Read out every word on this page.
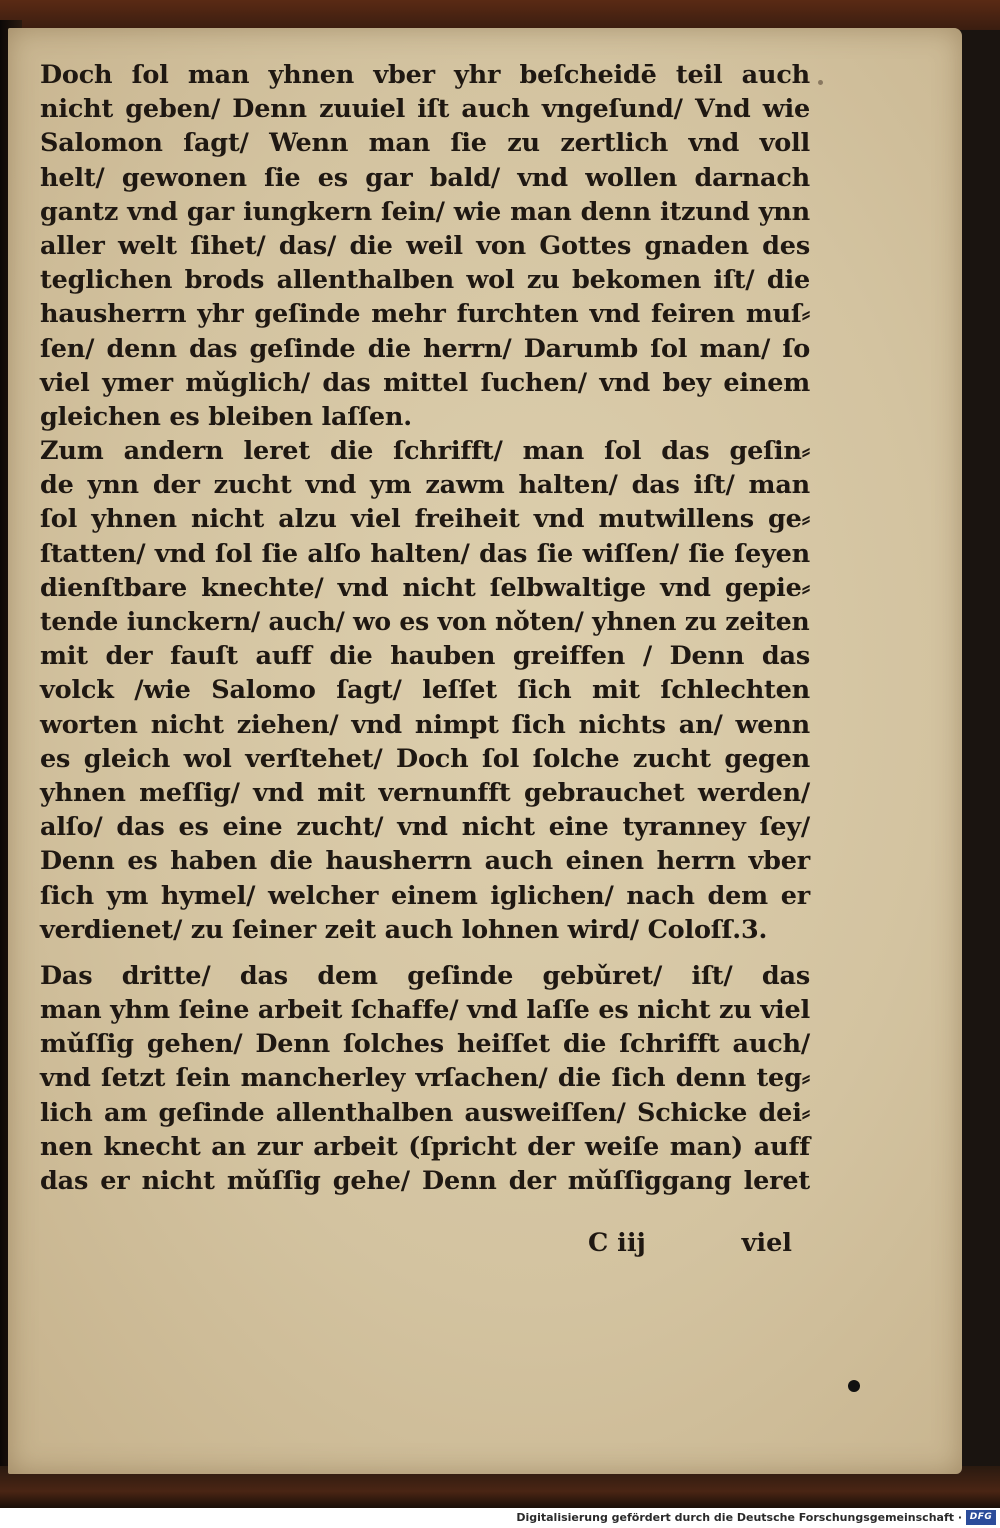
Doch ſol man yhnen vber yhr beſcheidē teil auch
nicht geben/ Denn zuuiel iſt auch vngeſund/ Vnd wie
Salomon ſagt/ Wenn man ſie zu zertlich vnd voll
helt/ gewonen ſie es gar bald/ vnd wollen darnach
gantz vnd gar iungkern ſein/ wie man denn itzund ynn
aller welt ſihet/ das/ die weil von Gottes gnaden des
teglichen brods allenthalben wol zu bekomen iſt/ die
hausherrn yhr geſinde mehr furchten vnd feiren muſ⸗
ſen/ denn das geſinde die herrn/ Darumb ſol man/ ſo
viel ymer mǔglich/ das mittel ſuchen/ vnd bey einem
gleichen es bleiben laſſen.
Zum andern leret die ſchrifft/ man ſol das geſin⸗
de ynn der zucht vnd ym zawm halten/ das iſt/ man
ſol yhnen nicht alzu viel freiheit vnd mutwillens ge⸗
ſtatten/ vnd ſol ſie alſo halten/ das ſie wiſſen/ ſie ſeyen
dienſtbare knechte/ vnd nicht ſelbwaltige vnd gepie⸗
tende iunckern/ auch/ wo es von nǒten/ yhnen zu zeiten
mit der fauſt auff die hauben greiffen / Denn das
volck /wie Salomo ſagt/ leſſet ſich mit ſchlechten
worten nicht ziehen/ vnd nimpt ſich nichts an/ wenn
es gleich wol verſtehet/ Doch ſol ſolche zucht gegen
yhnen meſſig/ vnd mit vernunfft gebrauchet werden/
alſo/ das es eine zucht/ vnd nicht eine tyranney ſey/
Denn es haben die hausherrn auch einen herrn vber
ſich ym hymel/ welcher einem iglichen/ nach dem er
verdienet/ zu ſeiner zeit auch lohnen wird/ Coloſſ.3.
Das dritte/ das dem geſinde gebǔret/ iſt/ das
man yhm ſeine arbeit ſchaffe/ vnd laſſe es nicht zu viel
mǔſſig gehen/ Denn ſolches heiſſet die ſchrifft auch/
vnd ſetzt ſein mancherley vrſachen/ die ſich denn teg⸗
lich am geſinde allenthalben ausweiſſen/ Schicke dei⸗
nen knecht an zur arbeit (ſpricht der weiſe man) auff
das er nicht mǔſſig gehe/ Denn der mǔſſiggang leret
C iij	viel
Digitalisierung gefördert durch die Deutsche Forschungsgemeinschaft · DFG
